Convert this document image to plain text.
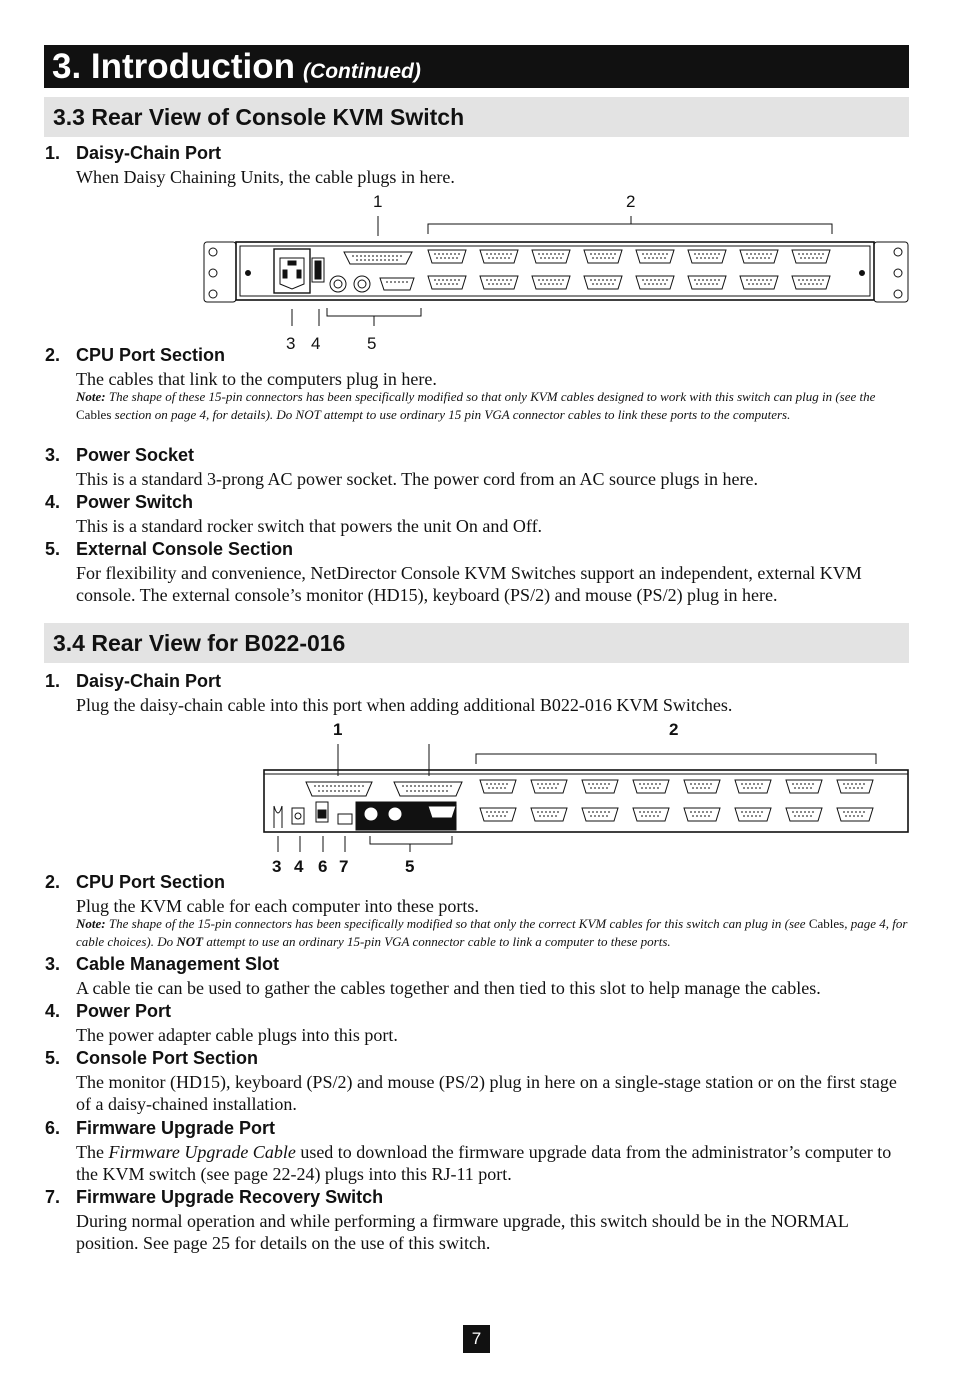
3. Introduction (Continued)
3.3 Rear View of Console KVM Switch
1. Daisy-Chain Port
When Daisy Chaining Units, the cable plugs in here.
1	2
3 4	5
2. CPU Port Section
The cables that link to the computers plug in here.
Note: The shape of these 15-pin connectors has been specifically modified so that only KVM cables designed to work with this switch can plug in (see the Cables section on page 4, for details). Do NOT attempt to use ordinary 15 pin VGA connector cables to link these ports to the computers.
3. Power Socket
This is a standard 3-prong AC power socket. The power cord from an AC source plugs in here.
4. Power Switch
This is a standard rocker switch that powers the unit On and Off.
5. External Console Section
For flexibility and convenience, NetDirector Console KVM Switches support an independent, external KVM console. The external console’s monitor (HD15), keyboard (PS/2) and mouse (PS/2) plug in here.
3.4 Rear View for B022-016
1. Daisy-Chain Port
Plug the daisy-chain cable into this port when adding additional B022-016 KVM Switches.
1	2
3 4 6 7	5
2. CPU Port Section
Plug the KVM cable for each computer into these ports.
Note: The shape of the 15-pin connectors has been specifically modified so that only the correct KVM cables for this switch can plug in (see Cables, page 4, for cable choices). Do NOT attempt to use an ordinary 15-pin VGA connector cable to link a computer to these ports.
3. Cable Management Slot
A cable tie can be used to gather the cables together and then tied to this slot to help manage the cables.
4. Power Port
The power adapter cable plugs into this port.
5. Console Port Section
The monitor (HD15), keyboard (PS/2) and mouse (PS/2) plug in here on a single-stage station or on the first stage of a daisy-chained installation.
6. Firmware Upgrade Port
The Firmware Upgrade Cable used to download the firmware upgrade data from the administrator’s computer to the KVM switch (see page 22-24) plugs into this RJ-11 port.
7. Firmware Upgrade Recovery Switch
During normal operation and while performing a firmware upgrade, this switch should be in the NORMAL position. See page 25 for details on the use of this switch.
7
